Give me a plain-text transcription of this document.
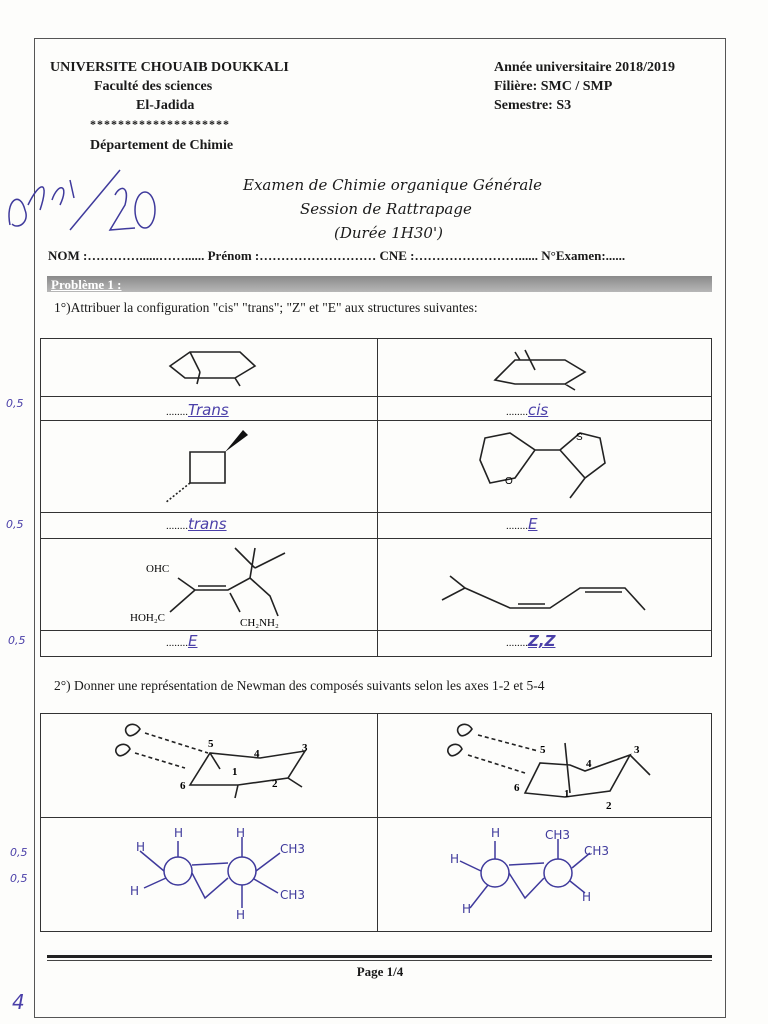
UNIVERSITE CHOUAIB DOUKKALI
Faculté des sciences
El-Jadida
********************
Département de Chimie
Année universitaire 2018/2019
Filière: SMC / SMP
Semestre: S3
Examen de Chimie organique Générale
Session de Rattrapage
(Durée 1H30')
NOM :…………......……...... Prénom :……………………… CNE :……………………...... N°Examen:......
Problème 1 :
1°)Attribuer la configuration "cis" "trans"; "Z" et "E" aux structures suivantes:

S
O
OHC
HOH₂C	CH₂NH₂
........Trans	........cis
........trans	........E
........E	........Z,Z
0,5
0,5
0,5
2°) Donner une représentation de Newman des composés suivants selon les axes 1-2 et 5-4

5
4	3
6
1
2
5	3
4
6	1
2
H
H
H
H
CH3
CH3
H
H
H
H
CH3
CH3
H
0,5
0,5
4
Page 1/4
